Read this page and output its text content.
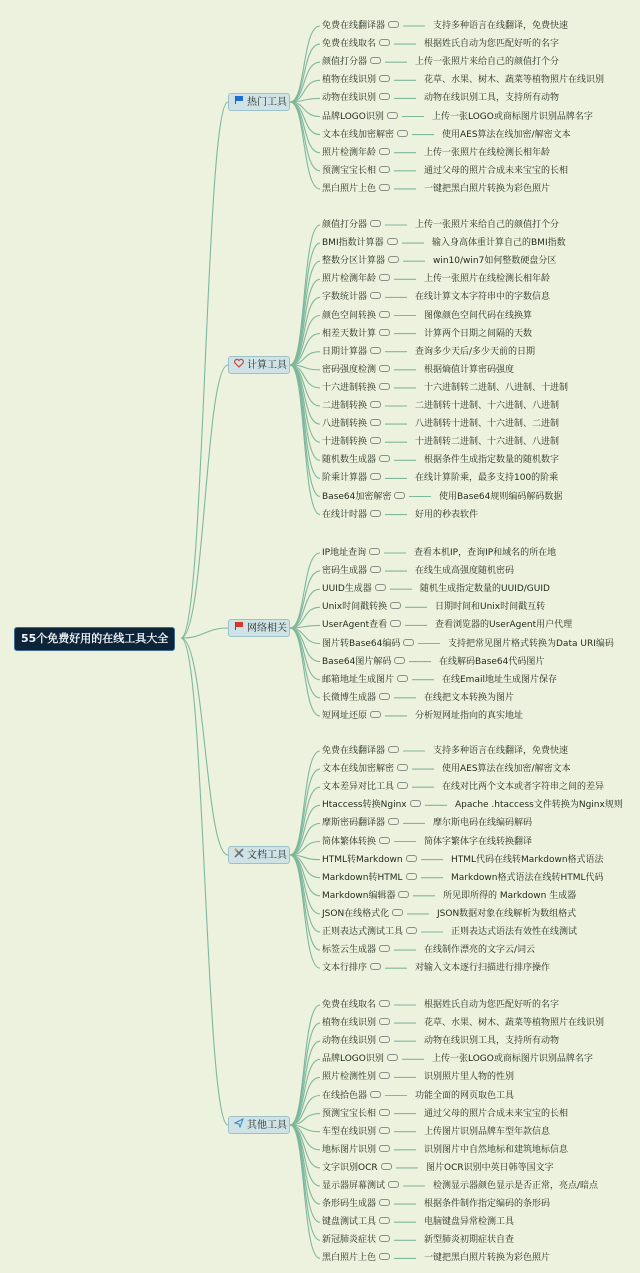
55个免费好用的在线工具大全
热门工具
免费在线翻译器	支持多种语言在线翻译，免费快速
免费在线取名	根据姓氏自动为您匹配好听的名字
颜值打分器	上传一张照片来给自己的颜值打个分
植物在线识别	花草、水果、树木、蔬菜等植物照片在线识别
动物在线识别	动物在线识别工具，支持所有动物
品牌LOGO识别	上传一张LOGO或商标图片识别品牌名字
文本在线加密解密	使用AES算法在线加密/解密文本
照片检测年龄	上传一张照片在线检测长相年龄
预测宝宝长相	通过父母的照片合成未来宝宝的长相
黑白照片上色	一键把黑白照片转换为彩色照片
计算工具
颜值打分器	上传一张照片来给自己的颜值打个分
BMI指数计算器	输入身高体重计算自己的BMI指数
整数分区计算器	win10/win7如何整数硬盘分区
照片检测年龄	上传一张照片在线检测长相年龄
字数统计器	在线计算文本字符串中的字数信息
颜色空间转换	图像颜色空间代码在线换算
相差天数计算	计算两个日期之间隔的天数
日期计算器	查询多少天后/多少天前的日期
密码强度检测	根据熵值计算密码强度
十六进制转换	十六进制转二进制、八进制、十进制
二进制转换	二进制转十进制、十六进制、八进制
八进制转换	八进制转十进制、十六进制、二进制
十进制转换	十进制转二进制、十六进制、八进制
随机数生成器	根据条件生成指定数量的随机数字
阶乘计算器	在线计算阶乘，最多支持100的阶乘
Base64加密解密	使用Base64规则编码解码数据
在线计时器	好用的秒表软件
网络相关
IP地址查询	查看本机IP，查询IP和域名的所在地
密码生成器	在线生成高强度随机密码
UUID生成器	随机生成指定数量的UUID/GUID
Unix时间戳转换	日期时间和Unix时间戳互转
UserAgent查看	查看浏览器的UserAgent用户代理
图片转Base64编码	支持把常见图片格式转换为Data URI编码
Base64图片解码	在线解码Base64代码图片
邮箱地址生成图片	在线Email地址生成图片保存
长微博生成器	在线把文本转换为图片
短网址还原	分析短网址指向的真实地址
文档工具
免费在线翻译器	支持多种语言在线翻译，免费快速
文本在线加密解密	使用AES算法在线加密/解密文本
文本差异对比工具	在线对比两个文本或者字符串之间的差异
Htaccess转换Nginx	Apache .htaccess文件转换为Nginx规则
摩斯密码翻译器	摩尔斯电码在线编码解码
简体繁体转换	简体字繁体字在线转换翻译
HTML转Markdown	HTML代码在线转Markdown格式语法
Markdown转HTML	Markdown格式语法在线转HTML代码
Markdown编辑器	所见即所得的 Markdown 生成器
JSON在线格式化	JSON数据对象在线解析为数组格式
正则表达式测试工具	正则表达式语法有效性在线测试
标签云生成器	在线制作漂亮的文字云/词云
文本行排序	对输入文本逐行扫描进行排序操作
其他工具
免费在线取名	根据姓氏自动为您匹配好听的名字
植物在线识别	花草、水果、树木、蔬菜等植物照片在线识别
动物在线识别	动物在线识别工具，支持所有动物
品牌LOGO识别	上传一张LOGO或商标图片识别品牌名字
照片检测性别	识别照片里人物的性别
在线拾色器	功能全面的网页取色工具
预测宝宝长相	通过父母的照片合成未来宝宝的长相
车型在线识别	上传图片识别品牌车型年款信息
地标图片识别	识别图片中自然地标和建筑地标信息
文字识别OCR	图片OCR识别中英日韩等国文字
显示器屏幕测试	检测显示器颜色显示是否正常，亮点/暗点
条形码生成器	根据条件制作指定编码的条形码
键盘测试工具	电脑键盘异常检测工具
新冠肺炎症状	新型肺炎初期症状自查
黑白照片上色	一键把黑白照片转换为彩色照片
